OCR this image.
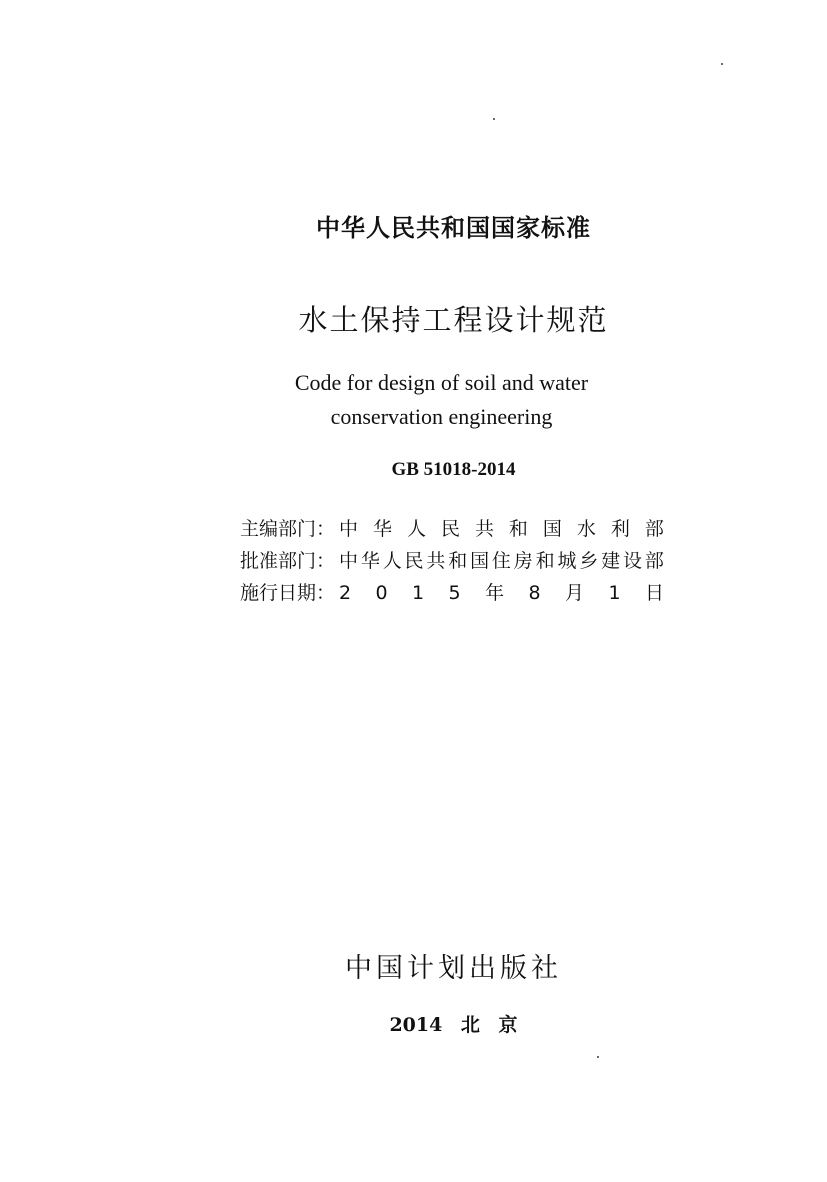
中华人民共和国国家标准
水土保持工程设计规范
Code for design of soil and water
conservation engineering
GB 51018-2014
主编部门： 中 华 人 民 共 和 国 水 利 部
批准部门： 中 华 人 民 共 和 国 住 房 和 城 乡 建 设 部
施行日期： 2 0 1 5 年 8 月 1 日
中国计划出版社
2014 北 京
